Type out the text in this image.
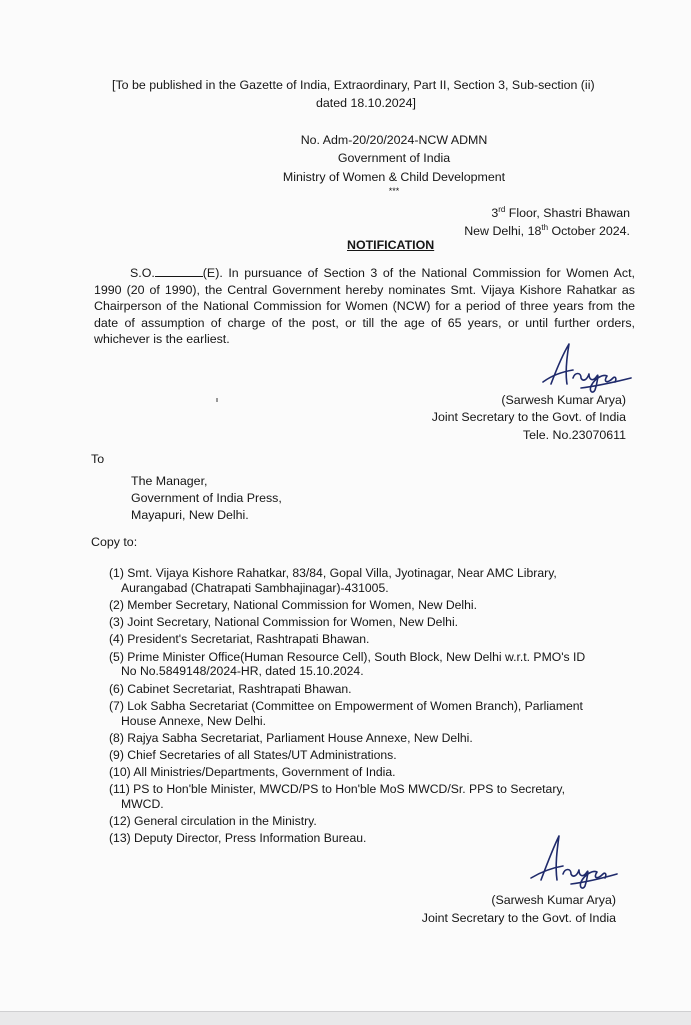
[To be published in the Gazette of India, Extraordinary, Part II, Section 3, Sub-section (ii)
dated 18.10.2024]
No. Adm-20/20/2024-NCW ADMN
Government of India
Ministry of Women & Child Development
***
3rd Floor, Shastri Bhawan
New Delhi, 18th October 2024.
NOTIFICATION
S.O.	(E). In pursuance of Section 3 of the National Commission for Women Act, 1990 (20 of 1990), the Central Government hereby nominates Smt. Vijaya Kishore Rahatkar as Chairperson of the National Commission for Women (NCW) for a period of three years from the date of assumption of charge of the post, or till the age of 65 years, or until further orders, whichever is the earliest.
(Sarwesh Kumar Arya)
Joint Secretary to the Govt. of India
Tele. No.23070611
To
The Manager,
Government of India Press,
Mayapuri, New Delhi.
Copy to:
(1) Smt. Vijaya Kishore Rahatkar, 83/84, Gopal Villa, Jyotinagar, Near AMC Library,
Aurangabad (Chatrapati Sambhajinagar)-431005.
(2) Member Secretary, National Commission for Women, New Delhi.
(3) Joint Secretary, National Commission for Women, New Delhi.
(4) President's Secretariat, Rashtrapati Bhawan.
(5) Prime Minister Office(Human Resource Cell), South Block, New Delhi w.r.t. PMO's ID
No No.5849148/2024-HR, dated 15.10.2024.
(6) Cabinet Secretariat, Rashtrapati Bhawan.
(7) Lok Sabha Secretariat (Committee on Empowerment of Women Branch), Parliament
House Annexe, New Delhi.
(8) Rajya Sabha Secretariat, Parliament House Annexe, New Delhi.
(9) Chief Secretaries of all States/UT Administrations.
(10) All Ministries/Departments, Government of India.
(11) PS to Hon'ble Minister, MWCD/PS to Hon'ble MoS MWCD/Sr. PPS to Secretary,
MWCD.
(12) General circulation in the Ministry.
(13) Deputy Director, Press Information Bureau.
(Sarwesh Kumar Arya)
Joint Secretary to the Govt. of India
